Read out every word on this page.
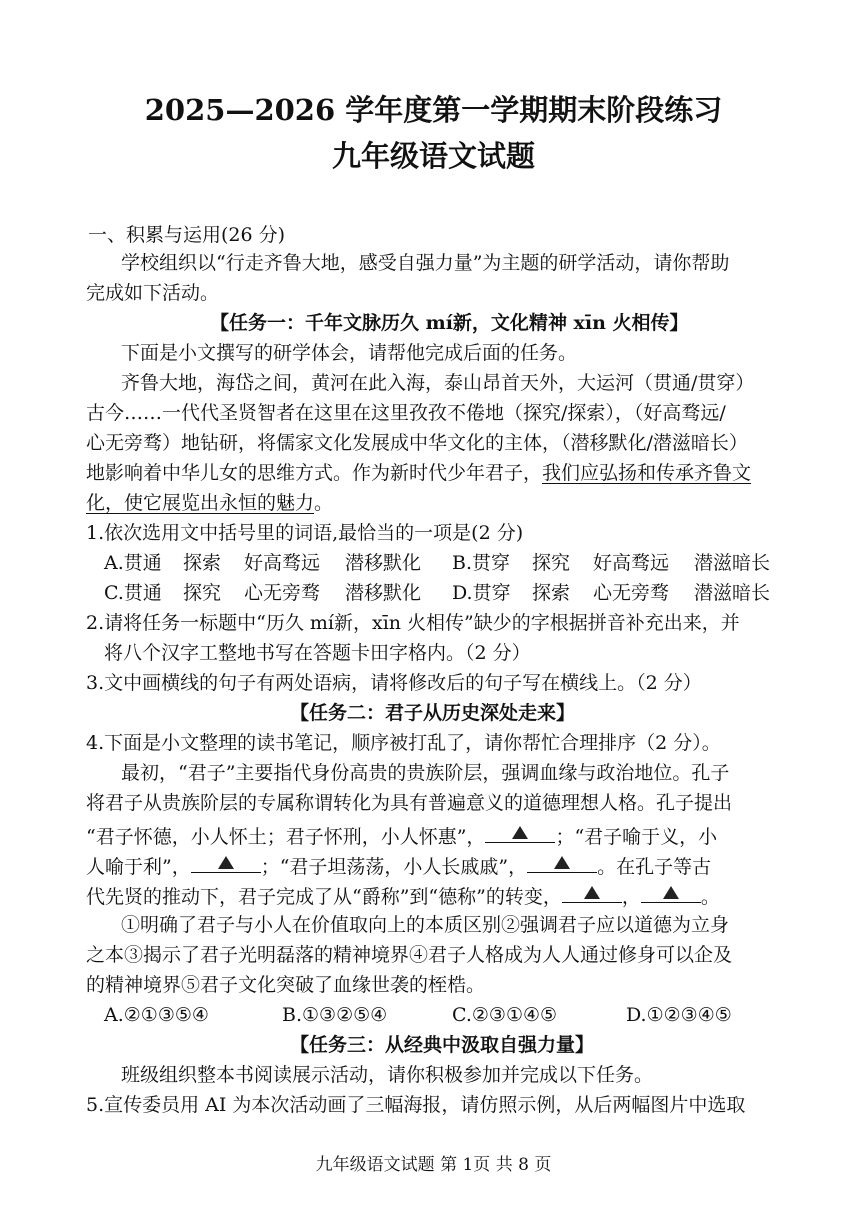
2025—2026 学年度第一学期期末阶段练习
九年级语文试题
一、积累与运用(26 分)
学校组织以“行走齐鲁大地，感受自强力量”为主题的研学活动，请你帮助
完成如下活动。
【任务一：千年文脉历久 mí新，文化精神 xīn 火相传】
下面是小文撰写的研学体会，请帮他完成后面的任务。
齐鲁大地，海岱之间，黄河在此入海，泰山昂首天外，大运河（贯通/贯穿）
古今……一代代圣贤智者在这里在这里孜孜不倦地（探究/探索），（好高骛远/
心无旁骛）地钻研，将儒家文化发展成中华文化的主体，（潜移默化/潜滋暗长）
地影响着中华儿女的思维方式。作为新时代少年君子，我们应弘扬和传承齐鲁文
化，使它展览出永恒的魅力。
1.依次选用文中括号里的词语,最恰当的一项是(2 分)
A.贯通 探索 好高骛远 潜移默化 B.贯穿 探究 好高骛远 潜滋暗长
C.贯通 探究 心无旁骛 潜移默化 D.贯穿 探索 心无旁骛 潜滋暗长
2.请将任务一标题中“历久 mí新，xīn 火相传”缺少的字根据拼音补充出来，并
将八个汉字工整地书写在答题卡田字格内。（2 分）
3.文中画横线的句子有两处语病，请将修改后的句子写在横线上。（2 分）
【任务二：君子从历史深处走来】
4.下面是小文整理的读书笔记，顺序被打乱了，请你帮忙合理排序（2 分）。
最初，“君子”主要指代身份高贵的贵族阶层，强调血缘与政治地位。孔子
将君子从贵族阶层的专属称谓转化为具有普遍意义的道德理想人格。孔子提出
“君子怀德，小人怀土；君子怀刑，小人怀惠”，	；“君子喻于义，小
人喻于利”，	；“君子坦荡荡，小人长戚戚”，	。在孔子等古
代先贤的推动下，君子完成了从“爵称”到“德称”的转变，	，	。
①明确了君子与小人在价值取向上的本质区别②强调君子应以道德为立身
之本③揭示了君子光明磊落的精神境界④君子人格成为人人通过修身可以企及
的精神境界⑤君子文化突破了血缘世袭的桎梏。
A.②①③⑤④	B.①③②⑤④	C.②③①④⑤	D.①②③④⑤
【任务三：从经典中汲取自强力量】
班级组织整本书阅读展示活动，请你积极参加并完成以下任务。
5.宣传委员用 AI 为本次活动画了三幅海报，请仿照示例，从后两幅图片中选取
九年级语文试题 第 1页 共 8 页
